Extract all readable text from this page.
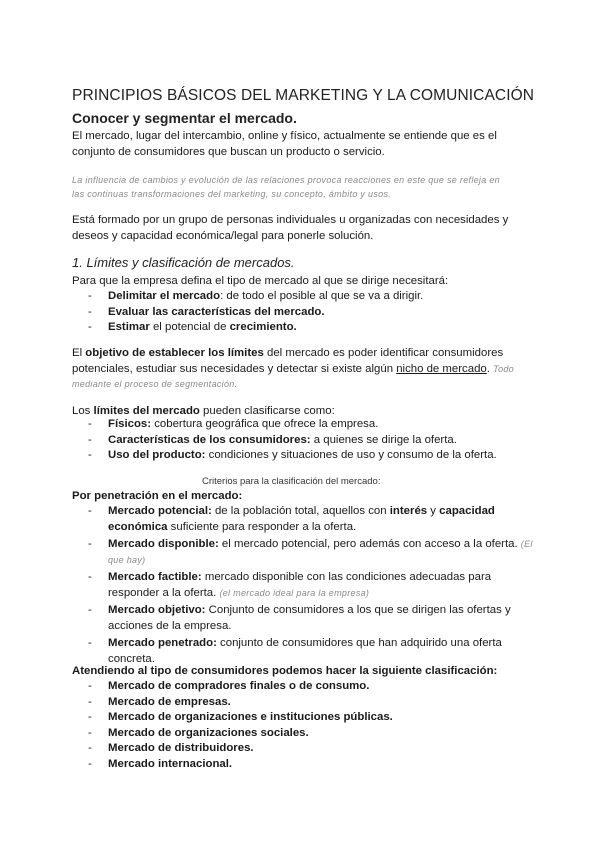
PRINCIPIOS BÁSICOS DEL MARKETING Y LA COMUNICACIÓN
Conocer y segmentar el mercado.
El mercado, lugar del intercambio, online y físico, actualmente se entiende que es el
conjunto de consumidores que buscan un producto o servicio.
La influencia de cambios y evolución de las relaciones provoca reacciones en este que se refleja en
las continuas transformaciones del marketing, su concepto, ámbito y usos.
Está formado por un grupo de personas individuales u organizadas con necesidades y
deseos y capacidad económica/legal para ponerle solución.
1. Límites y clasificación de mercados.
Para que la empresa defina el tipo de mercado al que se dirige necesitará:
- Delimitar el mercado: de todo el posible al que se va a dirigir.
- Evaluar las características del mercado.
- Estimar el potencial de crecimiento.
El objetivo de establecer los límites del mercado es poder identificar consumidores
potenciales, estudiar sus necesidades y detectar si existe algún nicho de mercado. Todo
mediante el proceso de segmentación.
Los límites del mercado pueden clasificarse como:
- Físicos: cobertura geográfica que ofrece la empresa.
- Características de los consumidores: a quienes se dirige la oferta.
- Uso del producto: condiciones y situaciones de uso y consumo de la oferta.
Criterios para la clasificación del mercado:
Por penetración en el mercado:
- Mercado potencial: de la población total, aquellos con interés y capacidad
económica suficiente para responder a la oferta.
- Mercado disponible: el mercado potencial, pero además con acceso a la oferta. (El
que hay)
- Mercado factible: mercado disponible con las condiciones adecuadas para
responder a la oferta. (el mercado ideal para la empresa)
- Mercado objetivo: Conjunto de consumidores a los que se dirigen las ofertas y
acciones de la empresa.
- Mercado penetrado: conjunto de consumidores que han adquirido una oferta
concreta.
Atendiendo al tipo de consumidores podemos hacer la siguiente clasificación:
- Mercado de compradores finales o de consumo.
- Mercado de empresas.
- Mercado de organizaciones e instituciones públicas.
- Mercado de organizaciones sociales.
- Mercado de distribuidores.
- Mercado internacional.
